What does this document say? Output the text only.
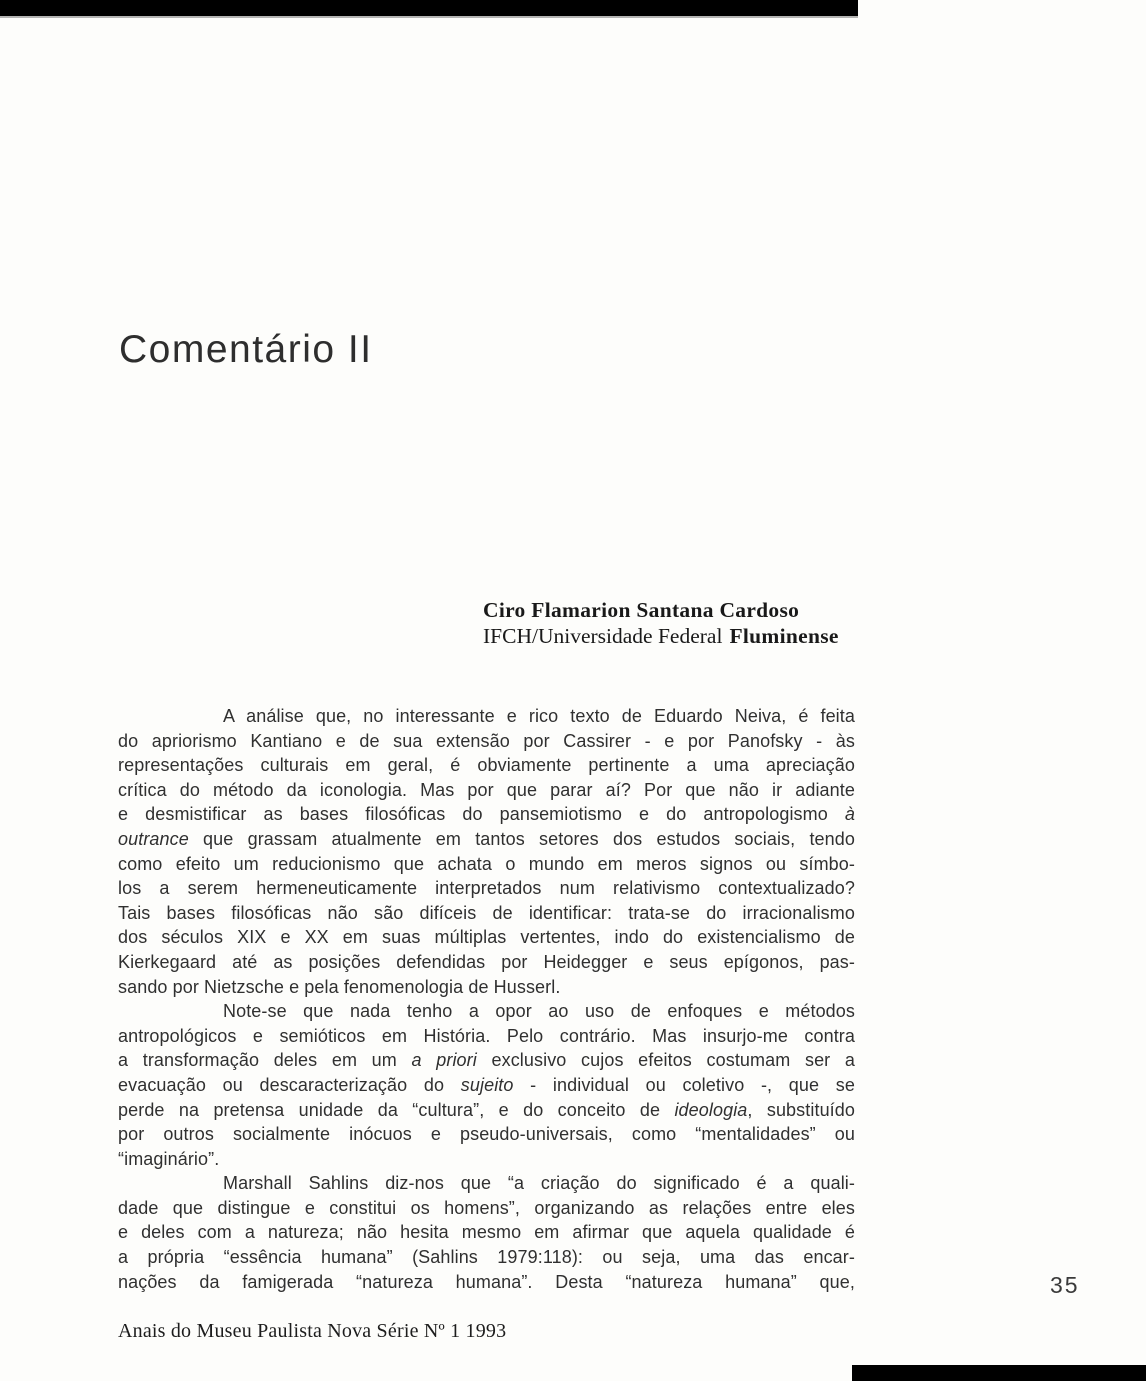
Comentário II
Ciro Flamarion Santana Cardoso
IFCH/Universidade Federal Fluminense
A análise que, no interessante e rico texto de Eduardo Neiva, é feita
do apriorismo Kantiano e de sua extensão por Cassirer - e por Panofsky - às
representações culturais em geral, é obviamente pertinente a uma apreciação
crítica do método da iconologia. Mas por que parar aí? Por que não ir adiante
e desmistificar as bases filosóficas do pansemiotismo e do antropologismo à
outrance que grassam atualmente em tantos setores dos estudos sociais, tendo
como efeito um reducionismo que achata o mundo em meros signos ou símbo-
los a serem hermeneuticamente interpretados num relativismo contextualizado?
Tais bases filosóficas não são difíceis de identificar: trata-se do irracionalismo
dos séculos XIX e XX em suas múltiplas vertentes, indo do existencialismo de
Kierkegaard até as posições defendidas por Heidegger e seus epígonos, pas-
sando por Nietzsche e pela fenomenologia de Husserl.
Note-se que nada tenho a opor ao uso de enfoques e métodos
antropológicos e semióticos em História. Pelo contrário. Mas insurjo-me contra
a transformação deles em um a priori exclusivo cujos efeitos costumam ser a
evacuação ou descaracterização do sujeito - individual ou coletivo -, que se
perde na pretensa unidade da “cultura”, e do conceito de ideologia, substituído
por outros socialmente inócuos e pseudo-universais, como “mentalidades” ou
“imaginário”.
Marshall Sahlins diz-nos que “a criação do significado é a quali-
dade que distingue e constitui os homens”, organizando as relações entre eles
e deles com a natureza; não hesita mesmo em afirmar que aquela qualidade é
a própria “essência humana” (Sahlins 1979:118): ou seja, uma das encar-
nações da famigerada “natureza humana”. Desta “natureza humana” que,	35
Anais do Museu Paulista Nova Série Nº 1 1993
